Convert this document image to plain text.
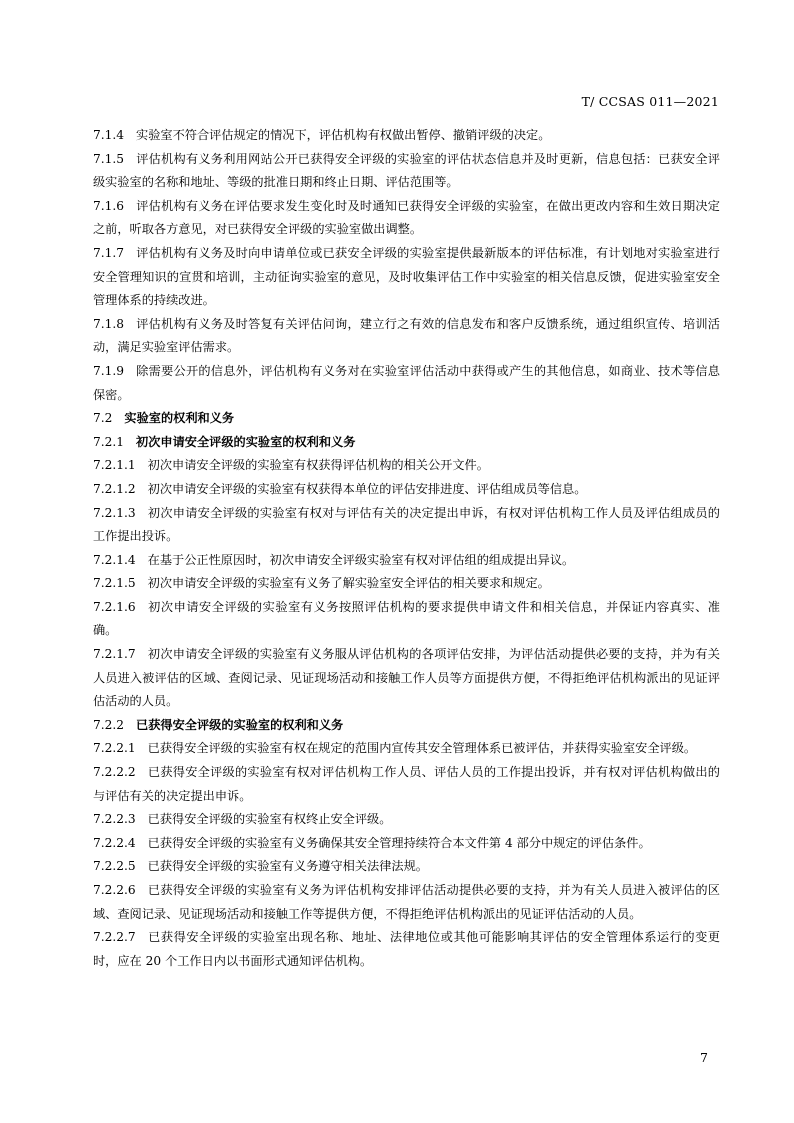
T/ CCSAS 011—2021

7.1.4 实验室不符合评估规定的情况下，评估机构有权做出暂停、撤销评级的决定。

7.1.5 评估机构有义务利用网站公开已获得安全评级的实验室的评估状态信息并及时更新，信息包括：已获安全评级实验室的名称和地址、等级的批准日期和终止日期、评估范围等。

7.1.6 评估机构有义务在评估要求发生变化时及时通知已获得安全评级的实验室，在做出更改内容和生效日期决定之前，听取各方意见，对已获得安全评级的实验室做出调整。

7.1.7 评估机构有义务及时向申请单位或已获安全评级的实验室提供最新版本的评估标准，有计划地对实验室进行安全管理知识的宣贯和培训，主动征询实验室的意见，及时收集评估工作中实验室的相关信息反馈，促进实验室安全管理体系的持续改进。

7.1.8 评估机构有义务及时答复有关评估问询，建立行之有效的信息发布和客户反馈系统，通过组织宣传、培训活动，满足实验室评估需求。

7.1.9 除需要公开的信息外，评估机构有义务对在实验室评估活动中获得或产生的其他信息，如商业、技术等信息保密。

7.2 实验室的权利和义务

7.2.1 初次申请安全评级的实验室的权利和义务

7.2.1.1 初次申请安全评级的实验室有权获得评估机构的相关公开文件。

7.2.1.2 初次申请安全评级的实验室有权获得本单位的评估安排进度、评估组成员等信息。

7.2.1.3 初次申请安全评级的实验室有权对与评估有关的决定提出申诉，有权对评估机构工作人员及评估组成员的工作提出投诉。

7.2.1.4 在基于公正性原因时，初次申请安全评级实验室有权对评估组的组成提出异议。

7.2.1.5 初次申请安全评级的实验室有义务了解实验室安全评估的相关要求和规定。

7.2.1.6 初次申请安全评级的实验室有义务按照评估机构的要求提供申请文件和相关信息，并保证内容真实、准确。

7.2.1.7 初次申请安全评级的实验室有义务服从评估机构的各项评估安排，为评估活动提供必要的支持，并为有关人员进入被评估的区域、查阅记录、见证现场活动和接触工作人员等方面提供方便，不得拒绝评估机构派出的见证评估活动的人员。

7.2.2 已获得安全评级的实验室的权利和义务

7.2.2.1 已获得安全评级的实验室有权在规定的范围内宣传其安全管理体系已被评估，并获得实验室安全评级。

7.2.2.2 已获得安全评级的实验室有权对评估机构工作人员、评估人员的工作提出投诉，并有权对评估机构做出的与评估有关的决定提出申诉。

7.2.2.3 已获得安全评级的实验室有权终止安全评级。

7.2.2.4 已获得安全评级的实验室有义务确保其安全管理持续符合本文件第 4 部分中规定的评估条件。

7.2.2.5 已获得安全评级的实验室有义务遵守相关法律法规。

7.2.2.6 已获得安全评级的实验室有义务为评估机构安排评估活动提供必要的支持，并为有关人员进入被评估的区域、查阅记录、见证现场活动和接触工作等提供方便，不得拒绝评估机构派出的见证评估活动的人员。

7.2.2.7 已获得安全评级的实验室出现名称、地址、法律地位或其他可能影响其评估的安全管理体系运行的变更时，应在 20 个工作日内以书面形式通知评估机构。

7
